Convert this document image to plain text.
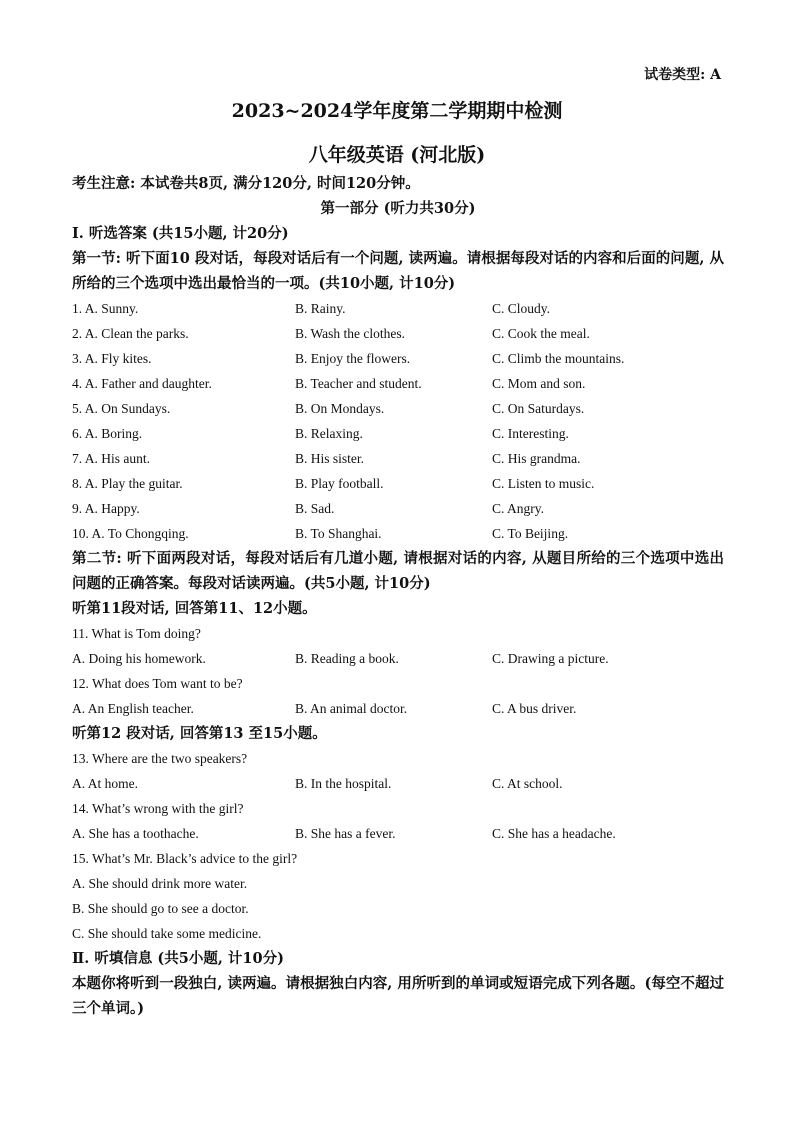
试卷类型: A
2023~2024学年度第二学期期中检测
八年级英语 (河北版)
考生注意: 本试卷共8页, 满分120分, 时间120分钟。
第一部分 (听力共30分)
I. 听选答案 (共15小题, 计20分)
第一节: 听下面10 段对话，每段对话后有一个问题, 读两遍。请根据每段对话的内容和后面的问题, 从所给的三个选项中选出最恰当的一项。(共10小题, 计10分)
1. A. Sunny.	B. Rainy.	C. Cloudy.
2. A. Clean the parks.	B. Wash the clothes.	C. Cook the meal.
3. A. Fly kites.	B. Enjoy the flowers.	C. Climb the mountains.
4. A. Father and daughter.	B. Teacher and student.	C. Mom and son.
5. A. On Sundays.	B. On Mondays.	C. On Saturdays.
6. A. Boring.	B. Relaxing.	C. Interesting.
7. A. His aunt.	B. His sister.	C. His grandma.
8. A. Play the guitar.	B. Play football.	C. Listen to music.
9. A. Happy.	B. Sad.	C. Angry.
10. A. To Chongqing.	B. To Shanghai.	C. To Beijing.
第二节: 听下面两段对话，每段对话后有几道小题, 请根据对话的内容, 从题目所给的三个选项中选出问题的正确答案。每段对话读两遍。(共5小题, 计10分)
听第11段对话, 回答第11、12小题。
11. What is Tom doing?
A. Doing his homework.	B. Reading a book.	C. Drawing a picture.
12. What does Tom want to be?
A. An English teacher.	B. An animal doctor.	C. A bus driver.
听第12 段对话, 回答第13 至15小题。
13. Where are the two speakers?
A. At home.	B. In the hospital.	C. At school.
14. What’s wrong with the girl?
A. She has a toothache.	B. She has a fever.	C. She has a headache.
15. What’s Mr. Black’s advice to the girl?
A. She should drink more water.
B. She should go to see a doctor.
C. She should take some medicine.
Ⅱ. 听填信息 (共5小题, 计10分)
本题你将听到一段独白, 读两遍。请根据独白内容, 用所听到的单词或短语完成下列各题。(每空不超过三个单词。)
